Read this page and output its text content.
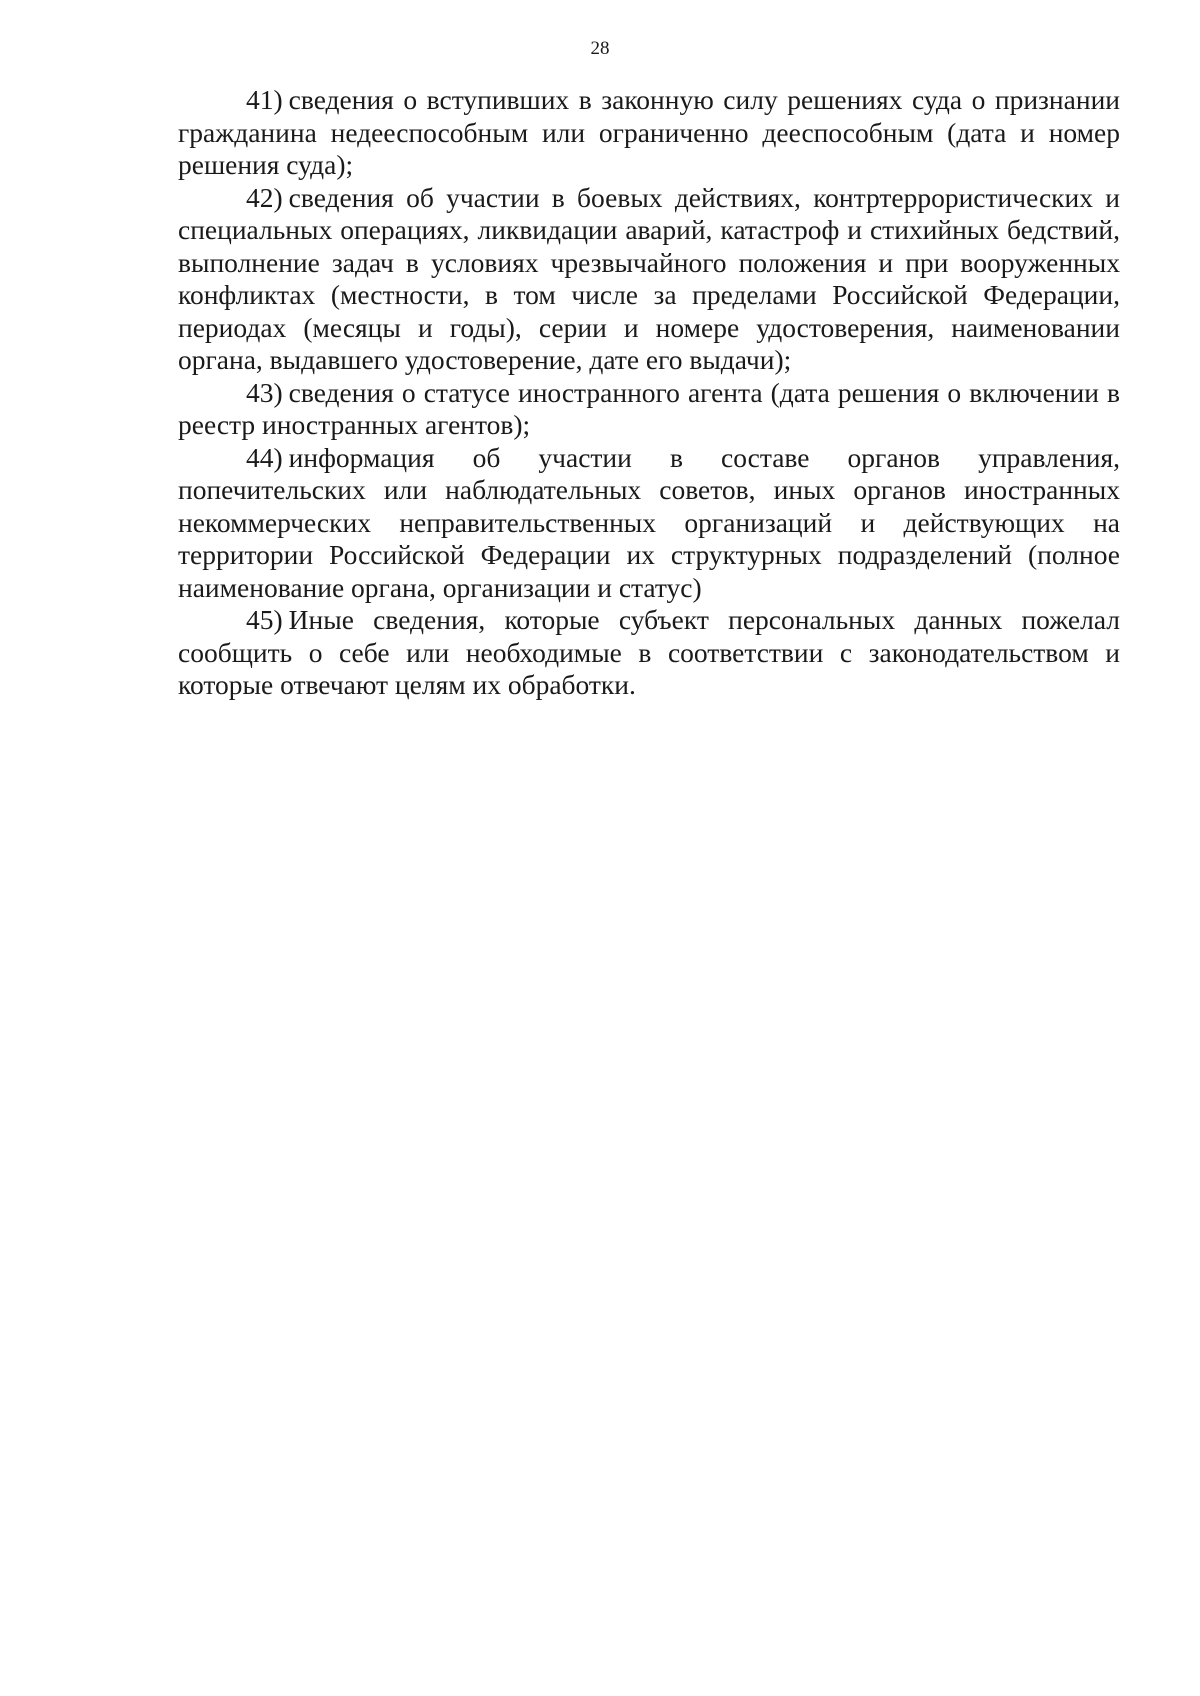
28

41) сведения о вступивших в законную силу решениях суда о признании гражданина недееспособным или ограниченно дееспособным (дата и номер решения суда);

42) сведения об участии в боевых действиях, контртеррористических и специальных операциях, ликвидации аварий, катастроф и стихийных бедствий, выполнение задач в условиях чрезвычайного положения и при вооруженных конфликтах (местности, в том числе за пределами Российской Федерации, периодах (месяцы и годы), серии и номере удостоверения, наименовании органа, выдавшего удостоверение, дате его выдачи);

43) сведения о статусе иностранного агента (дата решения о включении в реестр иностранных агентов);

44) информация об участии в составе органов управления, попечительских или наблюдательных советов, иных органов иностранных некоммерческих неправительственных организаций и действующих на территории Российской Федерации их структурных подразделений (полное наименование органа, организации и статус)

45) Иные сведения, которые субъект персональных данных пожелал сообщить о себе или необходимые в соответствии с законодательством и которые отвечают целям их обработки.
